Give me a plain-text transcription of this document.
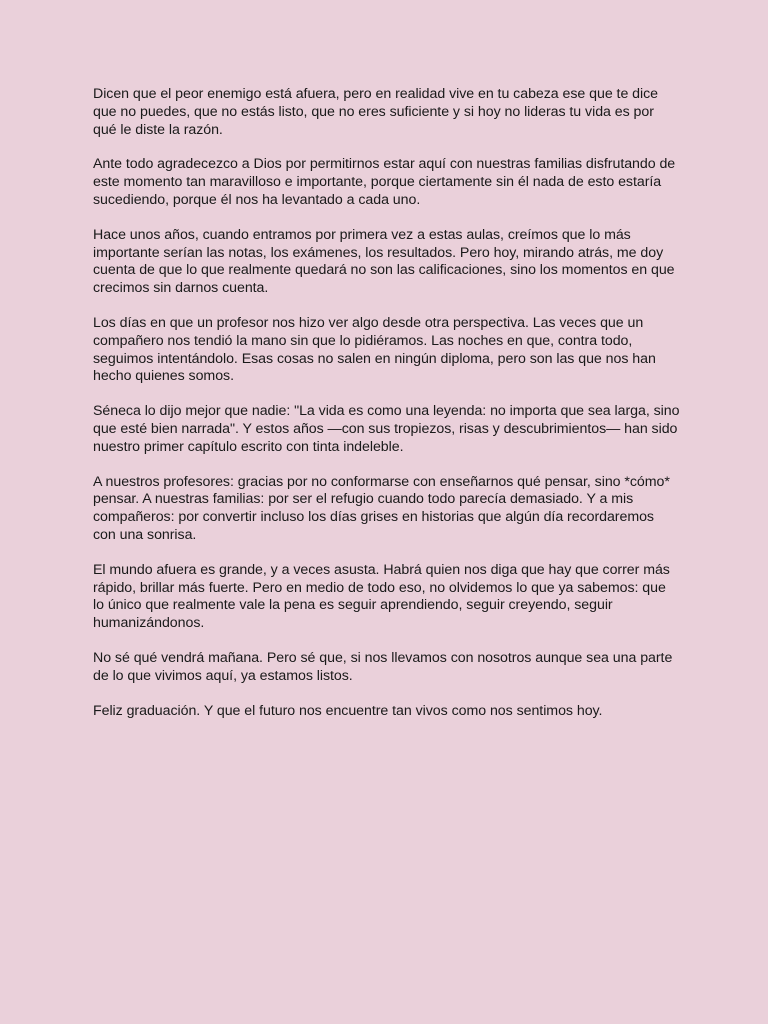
Dicen que el peor enemigo está afuera, pero en realidad vive en tu cabeza ese que te dice que no puedes, que no estás listo, que no eres suficiente y si hoy no lideras tu vida es por qué le diste la razón.

Ante todo agradecezco a Dios por permitirnos estar aquí con nuestras familias disfrutando de este momento tan maravilloso e importante, porque ciertamente sin él nada de esto estaría sucediendo, porque él nos ha levantado a cada uno.

Hace unos años, cuando entramos por primera vez a estas aulas, creímos que lo más importante serían las notas, los exámenes, los resultados. Pero hoy, mirando atrás, me doy cuenta de que lo que realmente quedará no son las calificaciones, sino los momentos en que crecimos sin darnos cuenta.

Los días en que un profesor nos hizo ver algo desde otra perspectiva. Las veces que un compañero nos tendió la mano sin que lo pidiéramos. Las noches en que, contra todo, seguimos intentándolo. Esas cosas no salen en ningún diploma, pero son las que nos han hecho quienes somos.

Séneca lo dijo mejor que nadie: "La vida es como una leyenda: no importa que sea larga, sino que esté bien narrada". Y estos años —con sus tropiezos, risas y descubrimientos— han sido nuestro primer capítulo escrito con tinta indeleble.

A nuestros profesores: gracias por no conformarse con enseñarnos qué pensar, sino *cómo* pensar. A nuestras familias: por ser el refugio cuando todo parecía demasiado. Y a mis compañeros: por convertir incluso los días grises en historias que algún día recordaremos con una sonrisa.

El mundo afuera es grande, y a veces asusta. Habrá quien nos diga que hay que correr más rápido, brillar más fuerte. Pero en medio de todo eso, no olvidemos lo que ya sabemos: que lo único que realmente vale la pena es seguir aprendiendo, seguir creyendo, seguir humanizándonos.

No sé qué vendrá mañana. Pero sé que, si nos llevamos con nosotros aunque sea una parte de lo que vivimos aquí, ya estamos listos.

Feliz graduación. Y que el futuro nos encuentre tan vivos como nos sentimos hoy.
